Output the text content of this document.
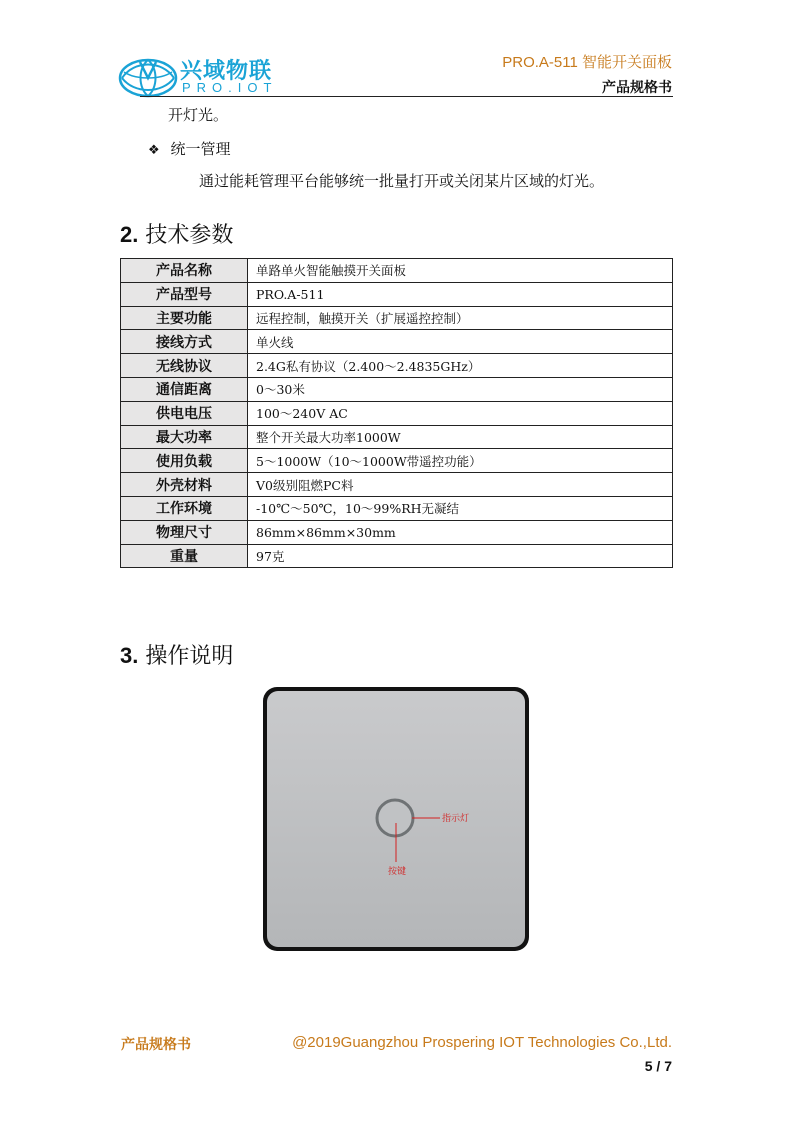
兴域物联
PRO.IOT
PRO.A-511 智能开关面板
产品规格书
开灯光。
❖ 统一管理
通过能耗管理平台能够统一批量打开或关闭某片区域的灯光。
2. 技术参数
产品名称	单路单火智能触摸开关面板
产品型号	PRO.A-511
主要功能	远程控制，触摸开关（扩展遥控控制）
接线方式	单火线
无线协议	2.4G私有协议（2.400～2.4835GHz）
通信距离	0～30米
供电电压	100～240V AC
最大功率	整个开关最大功率1000W
使用负载	5～1000W（10～1000W带遥控功能）
外壳材料	V0级别阻燃PC料
工作环境	-10℃～50℃，10～99%RH无凝结
物理尺寸	86mm×86mm×30mm
重量	97克
3. 操作说明
指示灯
按键
产品规格书	@2019Guangzhou Prospering IOT Technologies Co.,Ltd.
5 / 7
